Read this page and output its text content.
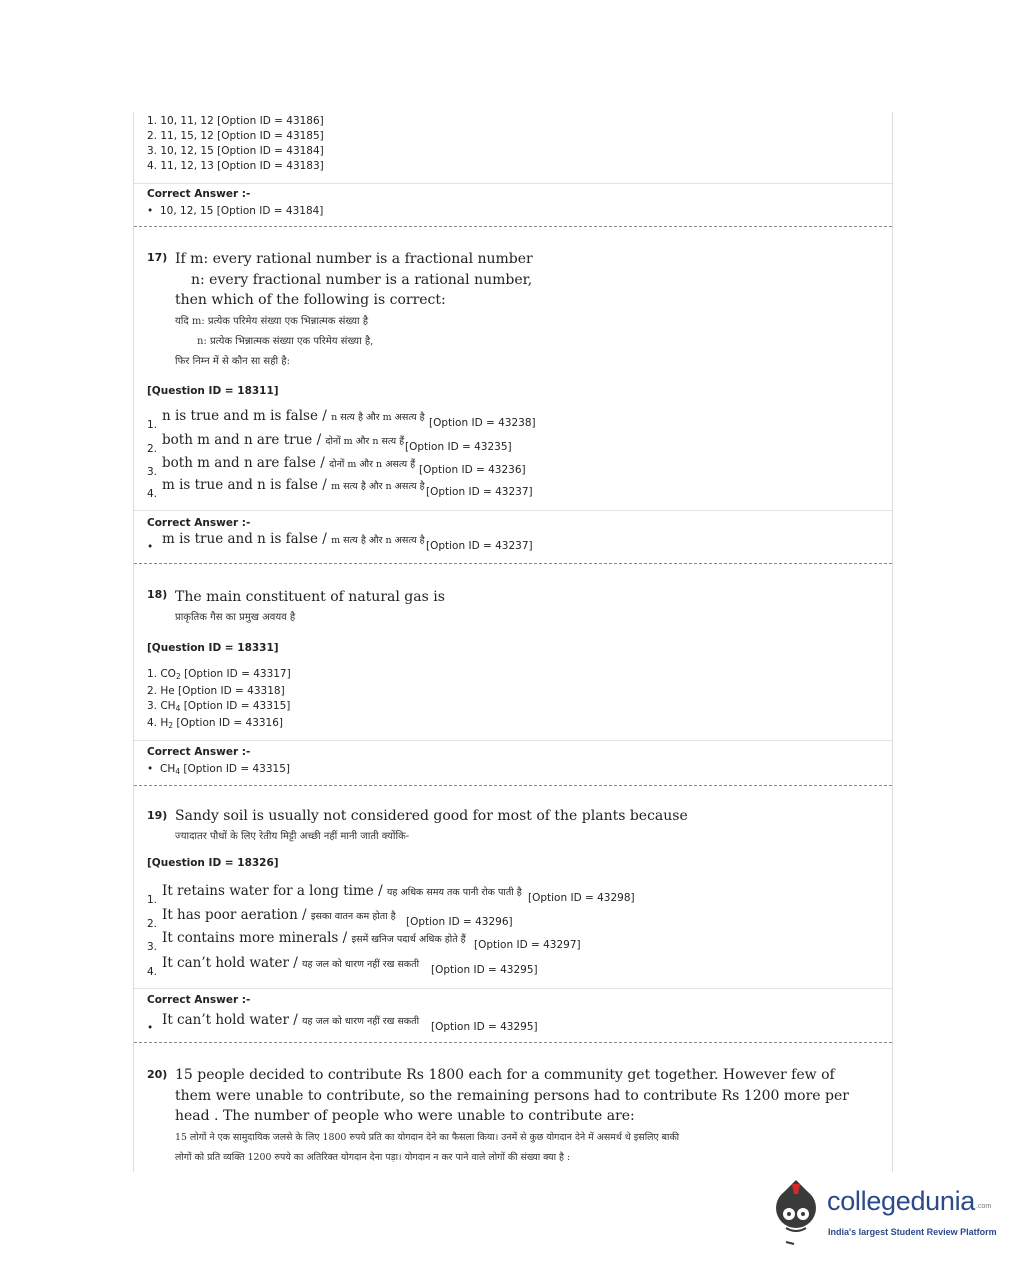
1. 10, 11, 12 [Option ID = 43186]
2. 11, 15, 12 [Option ID = 43185]
3. 10, 12, 15 [Option ID = 43184]
4. 11, 12, 13 [Option ID = 43183]
Correct Answer :-
• 10, 12, 15 [Option ID = 43184]
17) If m: every rational number is a fractional number
n: every fractional number is a rational number,
then which of the following is correct:
यदि m: प्रत्येक परिमेय संख्या एक भिन्नात्मक संख्या है
n: प्रत्येक भिन्नात्मक संख्या एक परिमेय संख्या है,
फिर निम्न में से कौन सा सही है:
[Question ID = 18311]
1.
n is true and m is false / n सत्य है और m असत्य है [Option ID = 43238]
2.
both m and n are true / दोनों m और n सत्य हैं [Option ID = 43235]
3.
both m and n are false / दोनों m और n असत्य हैं [Option ID = 43236]
4.
m is true and n is false / m सत्य है और n असत्य है [Option ID = 43237]
Correct Answer :-
• m is true and n is false / m सत्य है और n असत्य है [Option ID = 43237]
18) The main constituent of natural gas is
प्राकृतिक गैस का प्रमुख अवयव है
[Question ID = 18331]
1. $CO_2$ [Option ID = 43317]
2. He [Option ID = 43318]
3. $CH_4$ [Option ID = 43315]
4. $H_2$ [Option ID = 43316]
Correct Answer :-
• $CH_4$ [Option ID = 43315]
19) Sandy soil is usually not considered good for most of the plants because
ज्यादातर पौधों के लिए रेतीय मिट्टी अच्छी नहीं मानी जाती क्योंकि-
[Question ID = 18326]
1.
It retains water for a long time / यह अधिक समय तक पानी रोक पाती है [Option ID = 43298]
2.
It has poor aeration / इसका वातन कम होता है [Option ID = 43296]
3.
It contains more minerals / इसमें खनिज पदार्थ अधिक होते हैं [Option ID = 43297]
4.
It can’t hold water / यह जल को धारण नहीं रख सकती [Option ID = 43295]
Correct Answer :-
• It can’t hold water / यह जल को धारण नहीं रख सकती [Option ID = 43295]
20) 15 people decided to contribute Rs 1800 each for a community get together. However few of
them were unable to contribute, so the remaining persons had to contribute Rs 1200 more per
head . The number of people who were unable to contribute are:
15 लोगों ने एक सामुदायिक जलसे के लिए 1800 रुपये प्रति का योगदान देने का फैसला किया। उनमें से कुछ योगदान देने में असमर्थ थे इसलिए बाकी
लोगों को प्रति व्यक्ति 1200 रुपये का अतिरिक्त योगदान देना पड़ा। योगदान न कर पाने वाले लोगों की संख्या क्या है :
collegedunia.com
India's largest Student Review Platform
